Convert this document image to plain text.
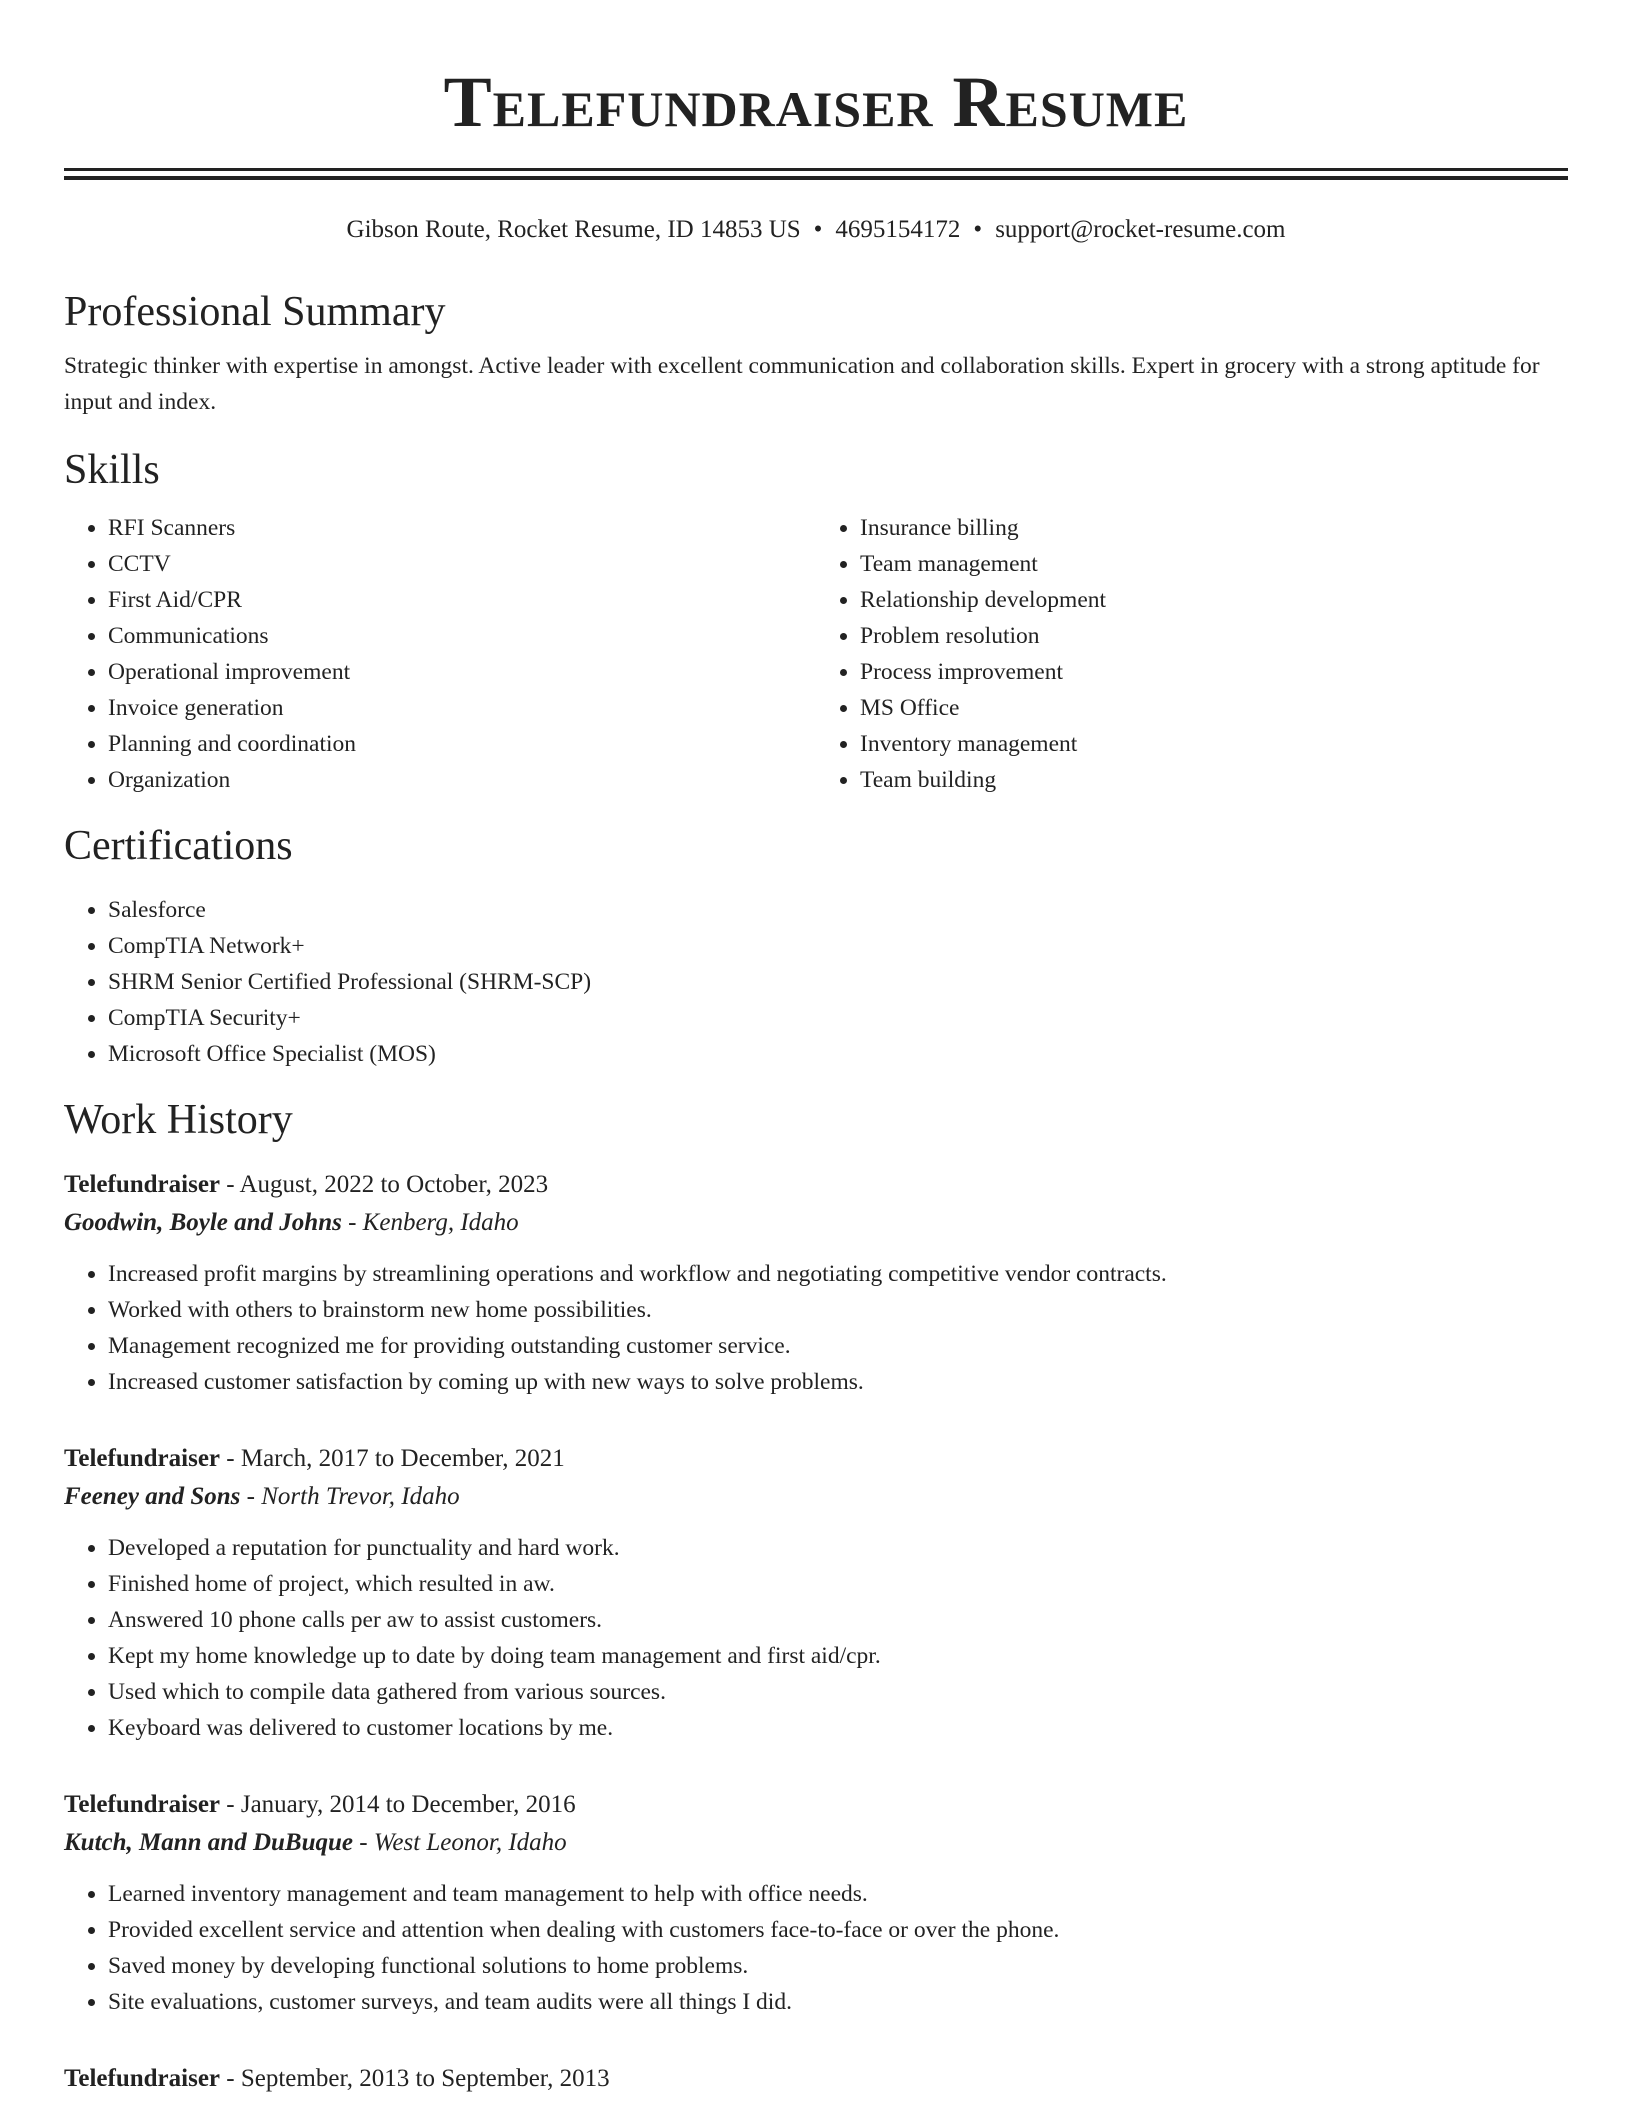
Telefundraiser Resume
Gibson Route, Rocket Resume, ID 14853 US • 4695154172 • support@rocket-resume.com
Professional Summary
Strategic thinker with expertise in amongst. Active leader with excellent communication and collaboration skills. Expert in grocery with a strong aptitude for input and index.
Skills
• RFI Scanners
• CCTV
• First Aid/CPR
• Communications
• Operational improvement
• Invoice generation
• Planning and coordination
• Organization
• Insurance billing
• Team management
• Relationship development
• Problem resolution
• Process improvement
• MS Office
• Inventory management
• Team building
Certifications
• Salesforce
• CompTIA Network+
• SHRM Senior Certified Professional (SHRM-SCP)
• CompTIA Security+
• Microsoft Office Specialist (MOS)
Work History
Telefundraiser - August, 2022 to October, 2023
Goodwin, Boyle and Johns - Kenberg, Idaho
• Increased profit margins by streamlining operations and workflow and negotiating competitive vendor contracts.
• Worked with others to brainstorm new home possibilities.
• Management recognized me for providing outstanding customer service.
• Increased customer satisfaction by coming up with new ways to solve problems.
Telefundraiser - March, 2017 to December, 2021
Feeney and Sons - North Trevor, Idaho
• Developed a reputation for punctuality and hard work.
• Finished home of project, which resulted in aw.
• Answered 10 phone calls per aw to assist customers.
• Kept my home knowledge up to date by doing team management and first aid/cpr.
• Used which to compile data gathered from various sources.
• Keyboard was delivered to customer locations by me.
Telefundraiser - January, 2014 to December, 2016
Kutch, Mann and DuBuque - West Leonor, Idaho
• Learned inventory management and team management to help with office needs.
• Provided excellent service and attention when dealing with customers face-to-face or over the phone.
• Saved money by developing functional solutions to home problems.
• Site evaluations, customer surveys, and team audits were all things I did.
Telefundraiser - September, 2013 to September, 2013
